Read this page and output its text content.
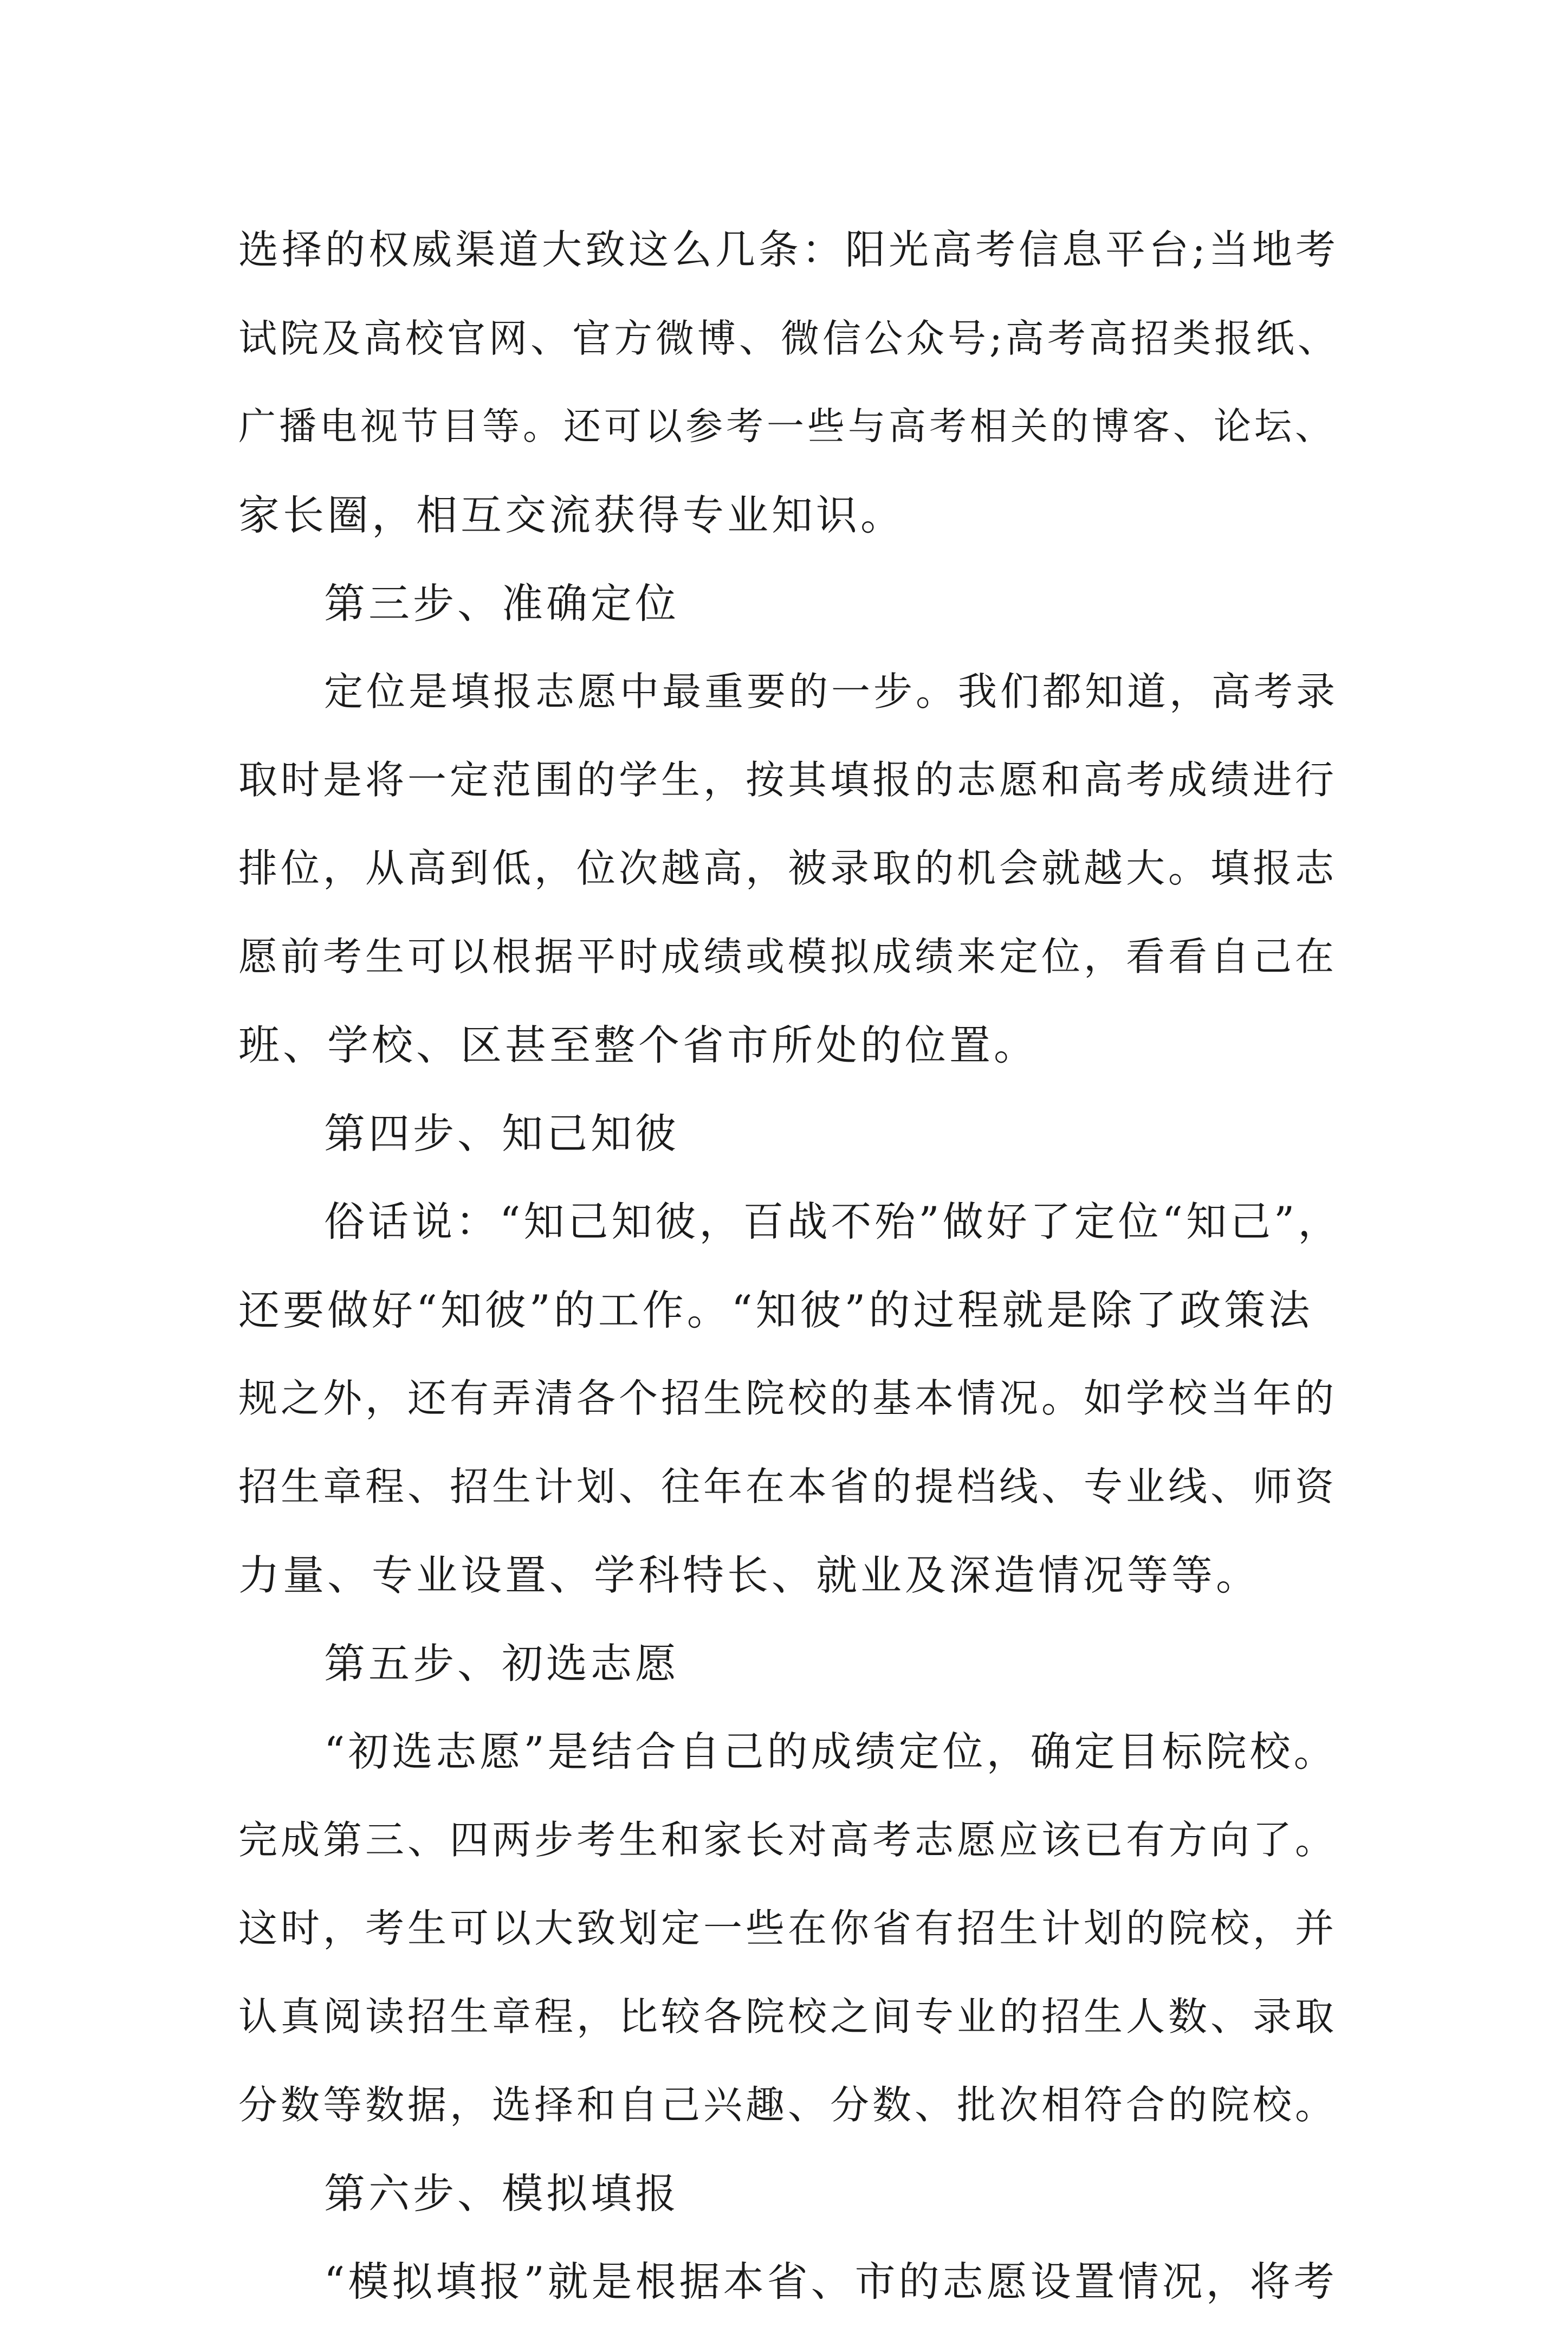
选择的权威渠道大致这么几条：阳光高考信息平台;当地考
试院及高校官网、官方微博、微信公众号;高考高招类报纸、
广播电视节目等。还可以参考一些与高考相关的博客、论坛、
家长圈，相互交流获得专业知识。
第三步、准确定位
定位是填报志愿中最重要的一步。我们都知道，高考录
取时是将一定范围的学生，按其填报的志愿和高考成绩进行
排位，从高到低，位次越高，被录取的机会就越大。填报志
愿前考生可以根据平时成绩或模拟成绩来定位，看看自己在
班、学校、区甚至整个省市所处的位置。
第四步、知己知彼
俗话说：“知己知彼，百战不殆”做好了定位“知己”，
还要做好“知彼”的工作。“知彼”的过程就是除了政策法
规之外，还有弄清各个招生院校的基本情况。如学校当年的
招生章程、招生计划、往年在本省的提档线、专业线、师资
力量、专业设置、学科特长、就业及深造情况等等。
第五步、初选志愿
“初选志愿”是结合自己的成绩定位，确定目标院校。
完成第三、四两步考生和家长对高考志愿应该已有方向了。
这时，考生可以大致划定一些在你省有招生计划的院校，并
认真阅读招生章程，比较各院校之间专业的招生人数、录取
分数等数据，选择和自己兴趣、分数、批次相符合的院校。
第六步、模拟填报
“模拟填报”就是根据本省、市的志愿设置情况，将考
